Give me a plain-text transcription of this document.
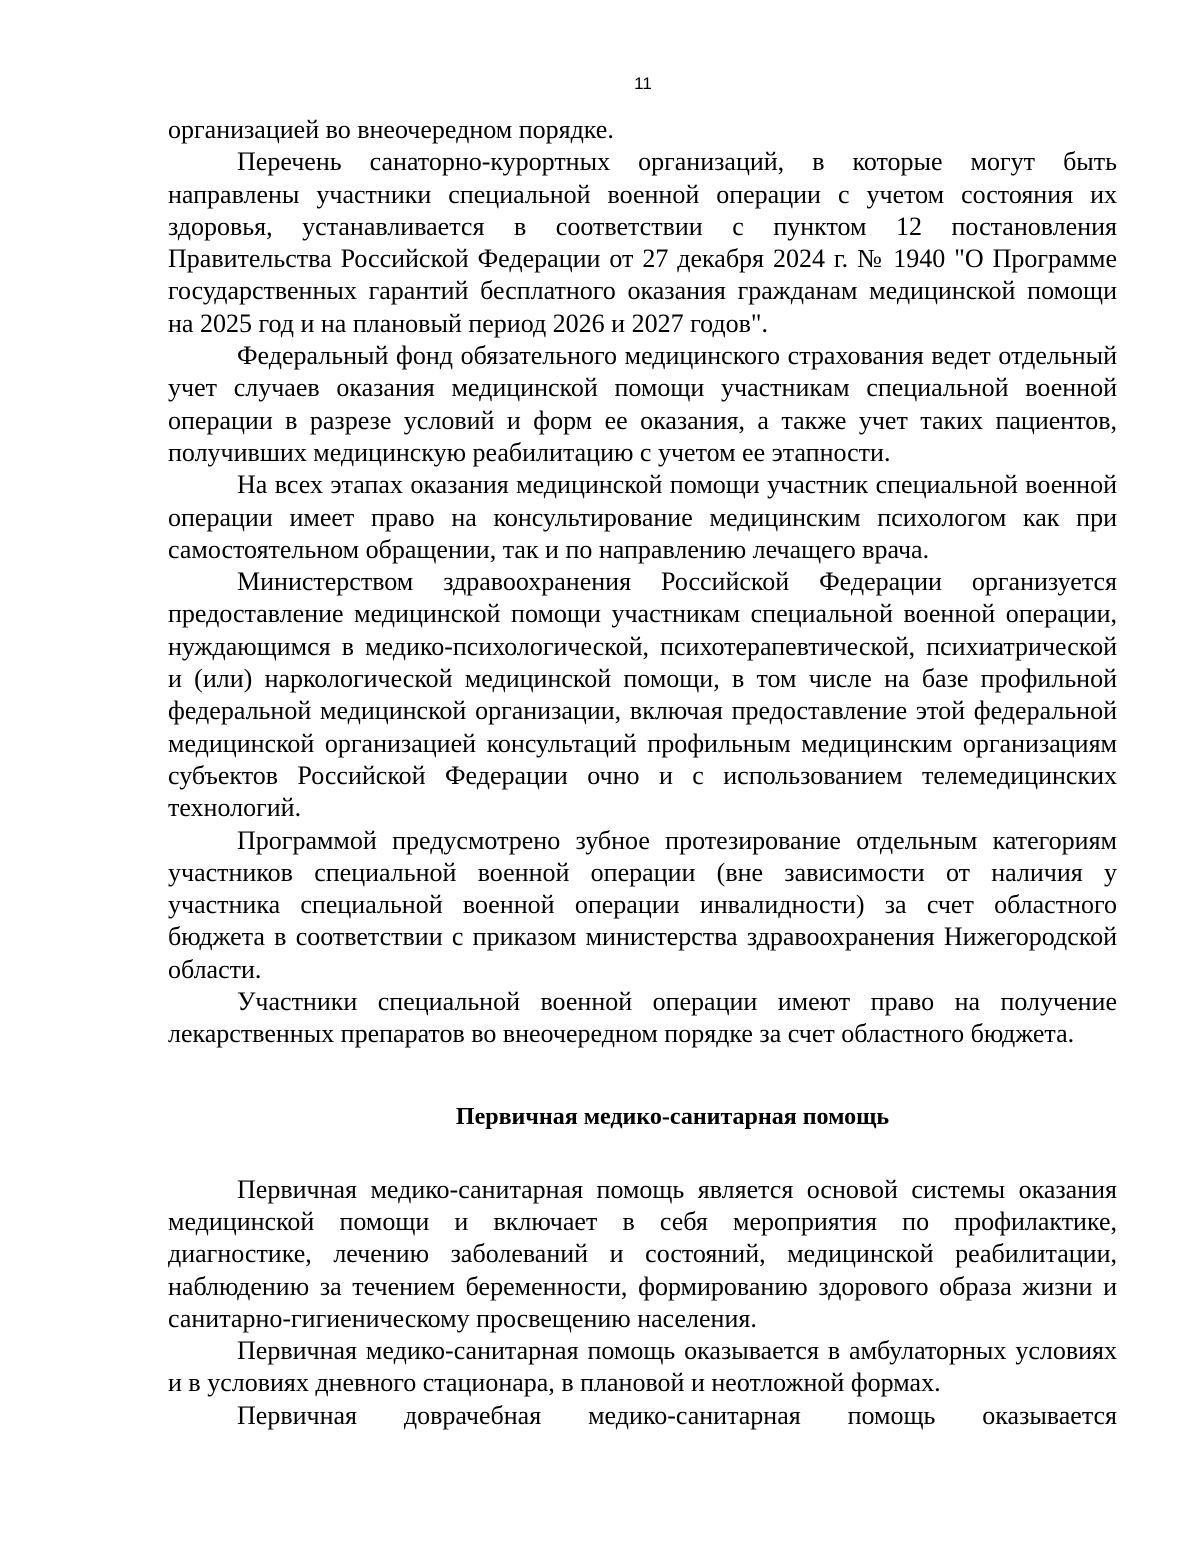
11

организацией во внеочередном порядке.

Перечень санаторно-курортных организаций, в которые могут быть направлены участники специальной военной операции с учетом состояния их здоровья, устанавливается в соответствии с пунктом 12 постановления Правительства Российской Федерации от 27 декабря 2024 г. № 1940 "О Программе государственных гарантий бесплатного оказания гражданам медицинской помощи на 2025 год и на плановый период 2026 и 2027 годов".

Федеральный фонд обязательного медицинского страхования ведет отдельный учет случаев оказания медицинской помощи участникам специальной военной операции в разрезе условий и форм ее оказания, а также учет таких пациентов, получивших медицинскую реабилитацию с учетом ее этапности.

На всех этапах оказания медицинской помощи участник специальной военной операции имеет право на консультирование медицинским психологом как при самостоятельном обращении, так и по направлению лечащего врача.

Министерством здравоохранения Российской Федерации организуется предоставление медицинской помощи участникам специальной военной операции, нуждающимся в медико-психологической, психотерапевтической, психиатрической и (или) наркологической медицинской помощи, в том числе на базе профильной федеральной медицинской организации, включая предоставление этой федеральной медицинской организацией консультаций профильным медицинским организациям субъектов Российской Федерации очно и с использованием телемедицинских технологий.

Программой предусмотрено зубное протезирование отдельным категориям участников специальной военной операции (вне зависимости от наличия у участника специальной военной операции инвалидности) за счет областного бюджета в соответствии с приказом министерства здравоохранения Нижегородской области.

Участники специальной военной операции имеют право на получение лекарственных препаратов во внеочередном порядке за счет областного бюджета.

Первичная медико-санитарная помощь

Первичная медико-санитарная помощь является основой системы оказания медицинской помощи и включает в себя мероприятия по профилактике, диагностике, лечению заболеваний и состояний, медицинской реабилитации, наблюдению за течением беременности, формированию здорового образа жизни и санитарно-гигиеническому просвещению населения.

Первичная медико-санитарная помощь оказывается в амбулаторных условиях и в условиях дневного стационара, в плановой и неотложной формах.

Первичная доврачебная медико-санитарная помощь оказывается
